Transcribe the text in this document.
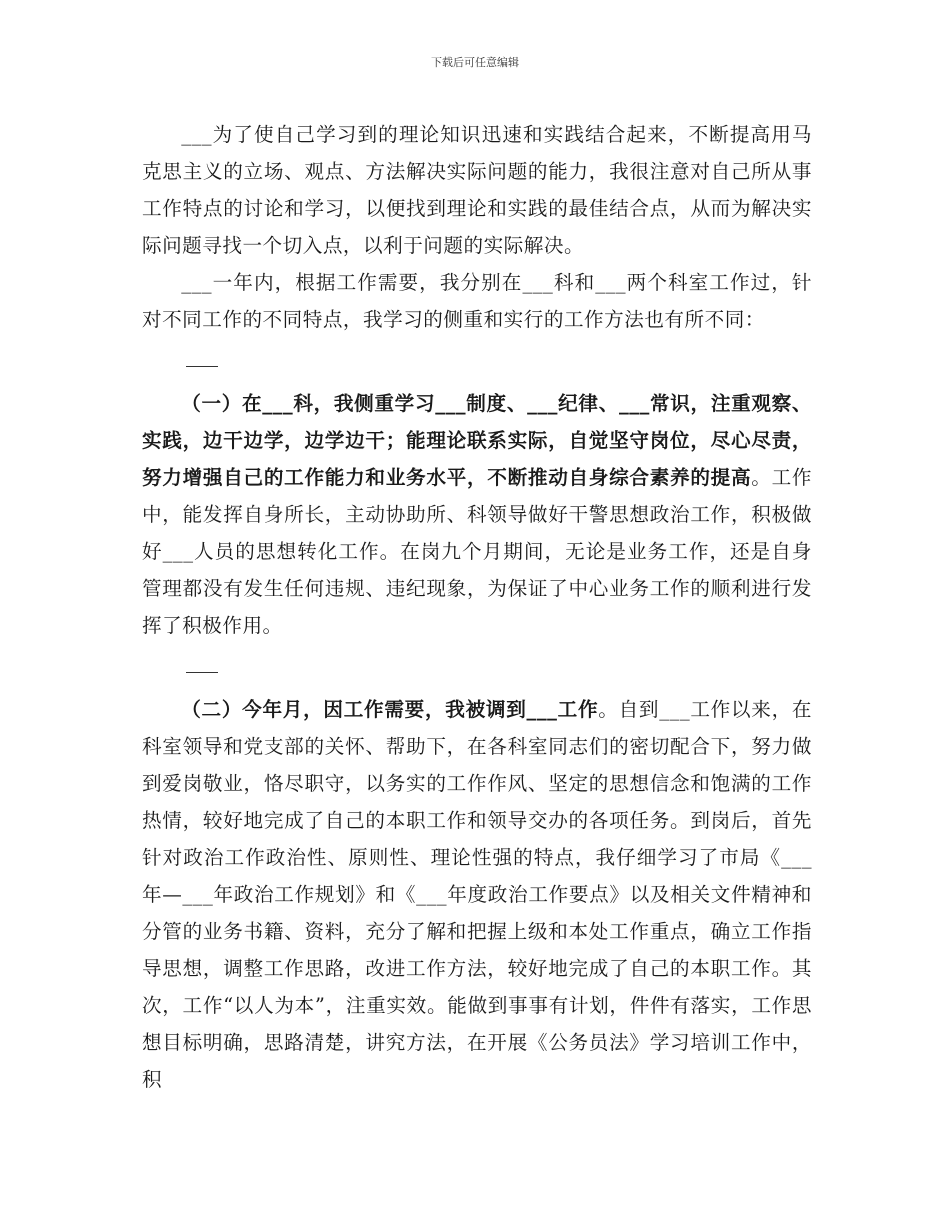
下载后可任意编辑

___为了使自己学习到的理论知识迅速和实践结合起来，不断提高用马克思主义的立场、观点、方法解决实际问题的能力，我很注意对自己所从事工作特点的讨论和学习，以便找到理论和实践的最佳结合点，从而为解决实际问题寻找一个切入点，以利于问题的实际解决。

___一年内，根据工作需要，我分别在___科和___两个科室工作过，针对不同工作的不同特点，我学习的侧重和实行的工作方法也有所不同：

（一）在___科，我侧重学习___制度、___纪律、___常识，注重观察、实践，边干边学，边学边干；能理论联系实际，自觉坚守岗位，尽心尽责，努力增强自己的工作能力和业务水平，不断推动自身综合素养的提高。工作中，能发挥自身所长，主动协助所、科领导做好干警思想政治工作，积极做好___人员的思想转化工作。在岗九个月期间，无论是业务工作，还是自身管理都没有发生任何违规、违纪现象，为保证了中心业务工作的顺利进行发挥了积极作用。

（二）今年月，因工作需要，我被调到___工作。自到___工作以来，在科室领导和党支部的关怀、帮助下，在各科室同志们的密切配合下，努力做到爱岗敬业，恪尽职守，以务实的工作作风、坚定的思想信念和饱满的工作热情，较好地完成了自己的本职工作和领导交办的各项任务。到岗后，首先针对政治工作政治性、原则性、理论性强的特点，我仔细学习了市局《___年—___年政治工作规划》和《___年度政治工作要点》以及相关文件精神和分管的业务书籍、资料，充分了解和把握上级和本处工作重点，确立工作指导思想，调整工作思路，改进工作方法，较好地完成了自己的本职工作。其次，工作“以人为本”，注重实效。能做到事事有计划，件件有落实，工作思想目标明确，思路清楚，讲究方法，在开展《公务员法》学习培训工作中，积
